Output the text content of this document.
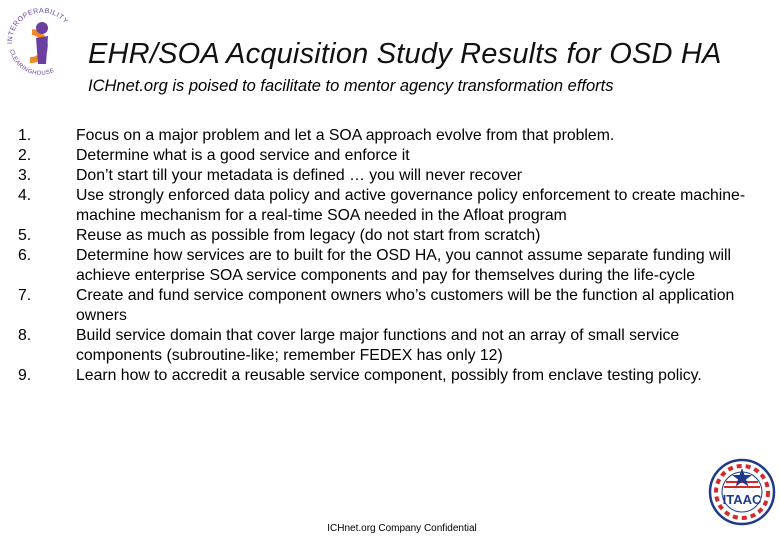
INTEROPERABILITY
CLEARINGHOUSE
EHR/SOA Acquisition Study Results for OSD HA
ICHnet.org is poised to facilitate to mentor agency transformation efforts
1.	Focus on a major problem and let a SOA approach evolve from that problem.
2.	Determine what is a good service and enforce it
3.	Don’t start till your metadata is defined … you will never recover
4.	Use strongly enforced data policy and active governance policy enforcement to create machine-machine mechanism for a real-time SOA needed in the Afloat program
5.	Reuse as much as possible from legacy (do not start from scratch)
6.	Determine how services are to built for the OSD HA, you cannot assume separate funding will achieve enterprise SOA service components and pay for themselves during the life-cycle
7.	Create and fund service component owners who’s customers will be the function al application owners
8.	Build service domain that cover large major functions and not an array of small service components (subroutine-like; remember FEDEX has only 12)
9.	Learn how to accredit a reusable service component, possibly from enclave testing policy.
ITAAC
ICHnet.org Company Confidential
